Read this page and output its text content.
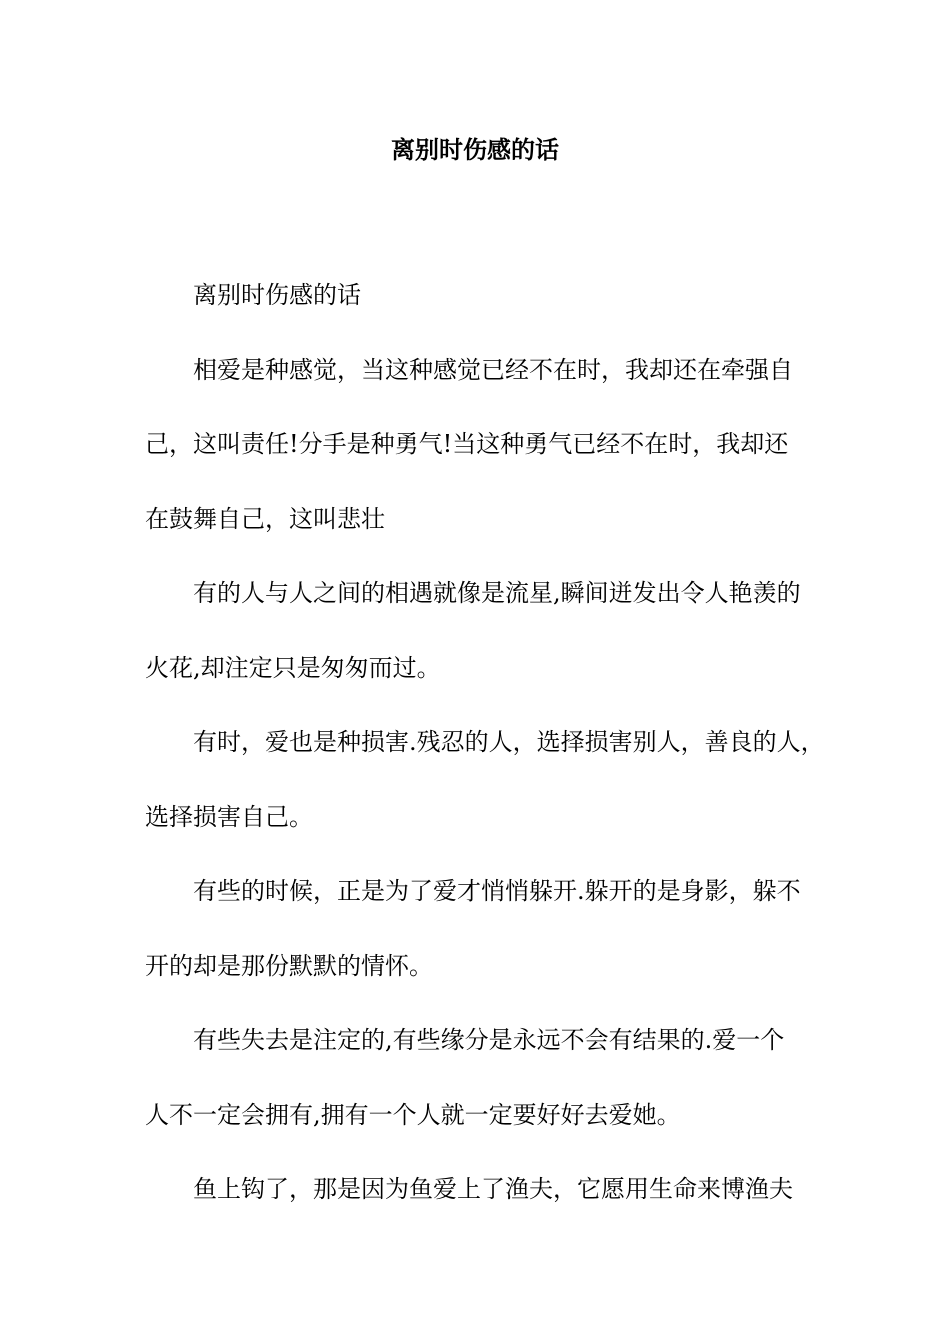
离别时伤感的话

离别时伤感的话

相爱是种感觉，当这种感觉已经不在时，我却还在牵强自
己，这叫责任!分手是种勇气!当这种勇气已经不在时，我却还
在鼓舞自己，这叫悲壮

有的人与人之间的相遇就像是流星,瞬间迸发出令人艳羡的
火花,却注定只是匆匆而过。

有时，爱也是种损害.残忍的人，选择损害别人，善良的人，
选择损害自己。

有些的时候，正是为了爱才悄悄躲开.躲开的是身影，躲不
开的却是那份默默的情怀。

有些失去是注定的,有些缘分是永远不会有结果的.爱一个
人不一定会拥有,拥有一个人就一定要好好去爱她。

鱼上钩了，那是因为鱼爱上了渔夫，它愿用生命来博渔夫
